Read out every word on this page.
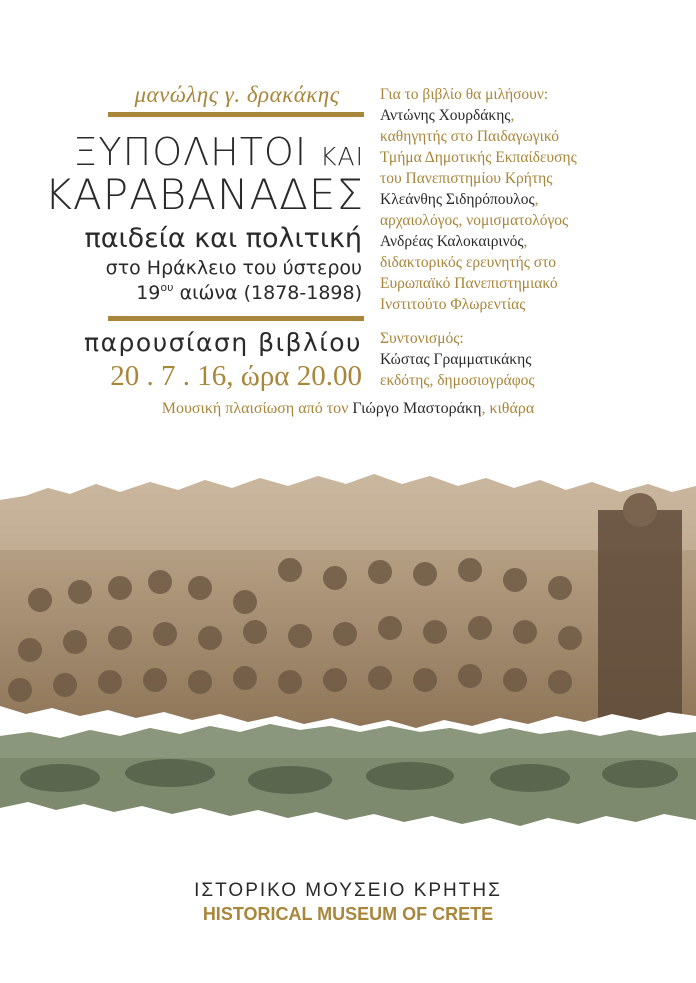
μανώλης γ. δρακάκης
ΞΥΠΟΛΗΤΟΙ ΚΑΙ
ΚΑΡΑΒΑΝΑΔΕΣ
παιδεία και πολιτική
στο Ηράκλειο του ύστερου
$19^{o\upsilon}$ αιώνα (1878-1898)
παρουσίαση βιβλίου
20 . 7 . 16, ώρα 20.00
Για το βιβλίο θα μιλήσουν:
Αντώνης Χουρδάκης,
καθηγητής στο Παιδαγωγικό
Τμήμα Δημοτικής Εκπαίδευσης
του Πανεπιστημίου Κρήτης
Κλεάνθης Σιδηρόπουλος,
αρχαιολόγος, νομισματολόγος
Ανδρέας Καλοκαιρινός,
διδακτορικός ερευνητής στο
Ευρωπαϊκό Πανεπιστημιακό
Ινστιτούτο Φλωρεντίας
Συντονισμός:
Κώστας Γραμματικάκης
εκδότης, δημοσιογράφος
Μουσική πλαισίωση από τον Γιώργο Μαστοράκη, κιθάρα
ΙΣΤΟΡΙΚΟ ΜΟΥΣΕΙΟ ΚΡΗΤΗΣ
HISTORICAL MUSEUM OF CRETE
